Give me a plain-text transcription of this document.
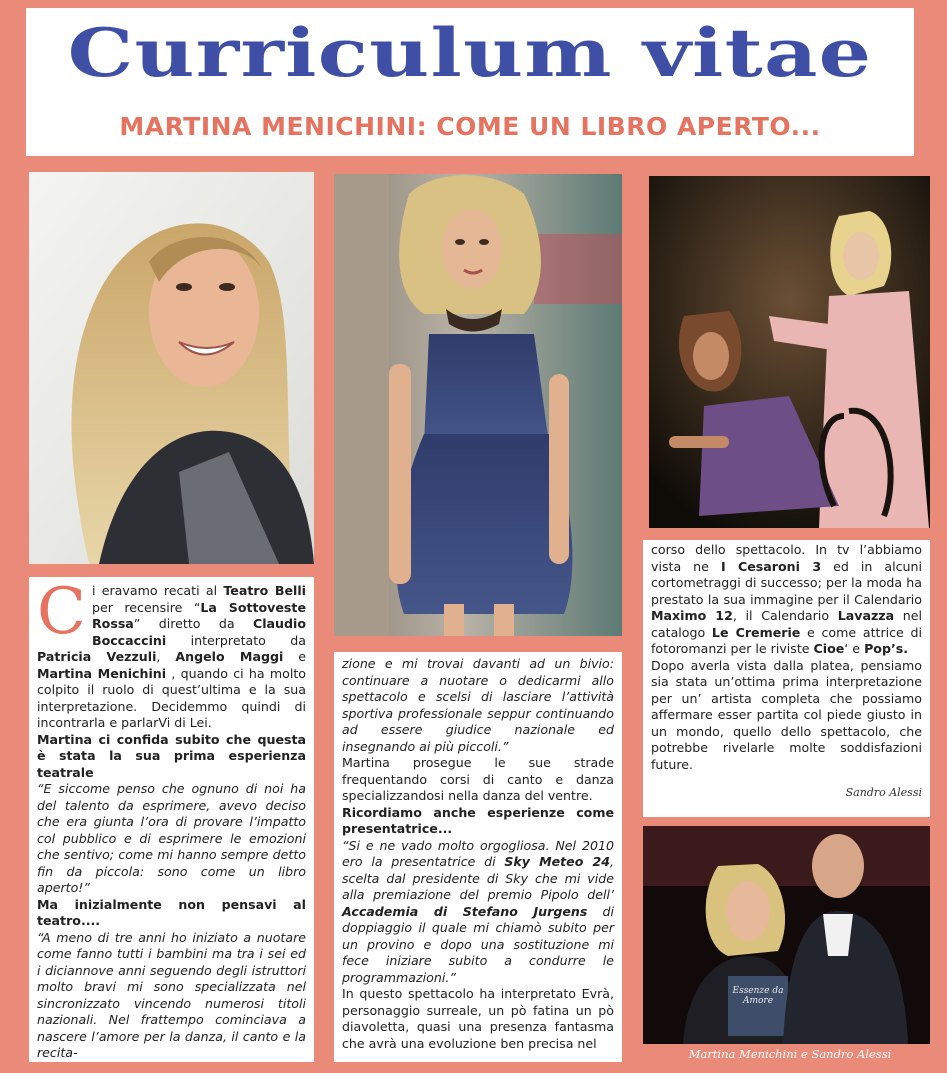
Curriculum vitae
MARTINA MENICHINI: COME UN LIBRO APERTO...

C i eravamo recati al Teatro Belli per recensire “La Sottoveste Rossa” diretto da Claudio Boccaccini interpretato da Patricia Vezzuli, Angelo Maggi e Martina Menichini , quando ci ha molto colpito il ruolo di quest’ultima e la sua interpretazione. Decidemmo quindi di incontrarla e parlarVi di Lei.

Martina ci confida subito che questa è stata la sua prima esperienza teatrale

“E siccome penso che ognuno di noi ha del talento da esprimere, avevo deciso che era giunta l’ora di provare l’impatto col pubblico e di esprimere le emozioni che sentivo; come mi hanno sempre detto fin da piccola: sono come un libro aperto!”

Ma inizialmente non pensavi al teatro....

“A meno di tre anni ho iniziato a nuotare come fanno tutti i bambini ma tra i sei ed i diciannove anni seguendo degli istruttori molto bravi mi sono specializzata nel sincronizzato vincendo numerosi titoli nazionali. Nel frattempo cominciava a nascere l’amore per la danza, il canto e la recita-

zione e mi trovai davanti ad un bivio: continuare a nuotare o dedicarmi allo spettacolo e scelsi di lasciare l’attività sportiva professionale seppur continuando ad essere giudice nazionale ed insegnando ai più piccoli.”

Martina prosegue le sue strade frequentando corsi di canto e danza specializzandosi nella danza del ventre.

Ricordiamo anche esperienze come presentatrice...

“Si e ne vado molto orgogliosa. Nel 2010 ero la presentatrice di Sky Meteo 24, scelta dal presidente di Sky che mi vide alla premiazione del premio Pipolo dell’ Accademia di Stefano Jurgens di doppiaggio il quale mi chiamò subito per un provino e dopo una sostituzione mi fece iniziare subito a condurre le programmazioni.”

In questo spettacolo ha interpretato Evrà, personaggio surreale, un pò fatina un pò diavoletta, quasi una presenza fantasma che avrà una evoluzione ben precisa nel

corso dello spettacolo. In tv l’abbiamo vista ne I Cesaroni 3 ed in alcuni cortometraggi di successo; per la moda ha prestato la sua immagine per il Calendario Maximo 12, il Calendario Lavazza nel catalogo Le Cremerie e come attrice di fotoromanzi per le riviste Cioe‘ e Pop’s.

Dopo averla vista dalla platea, pensiamo sia stata un’ottima prima interpretazione per un’ artista completa che possiamo affermare esser partita col piede giusto in un mondo, quello dello spettacolo, che potrebbe rivelarle molte soddisfazioni future.

Sandro Alessi

Essenze da Amore
Martina Menichini e Sandro Alessi
